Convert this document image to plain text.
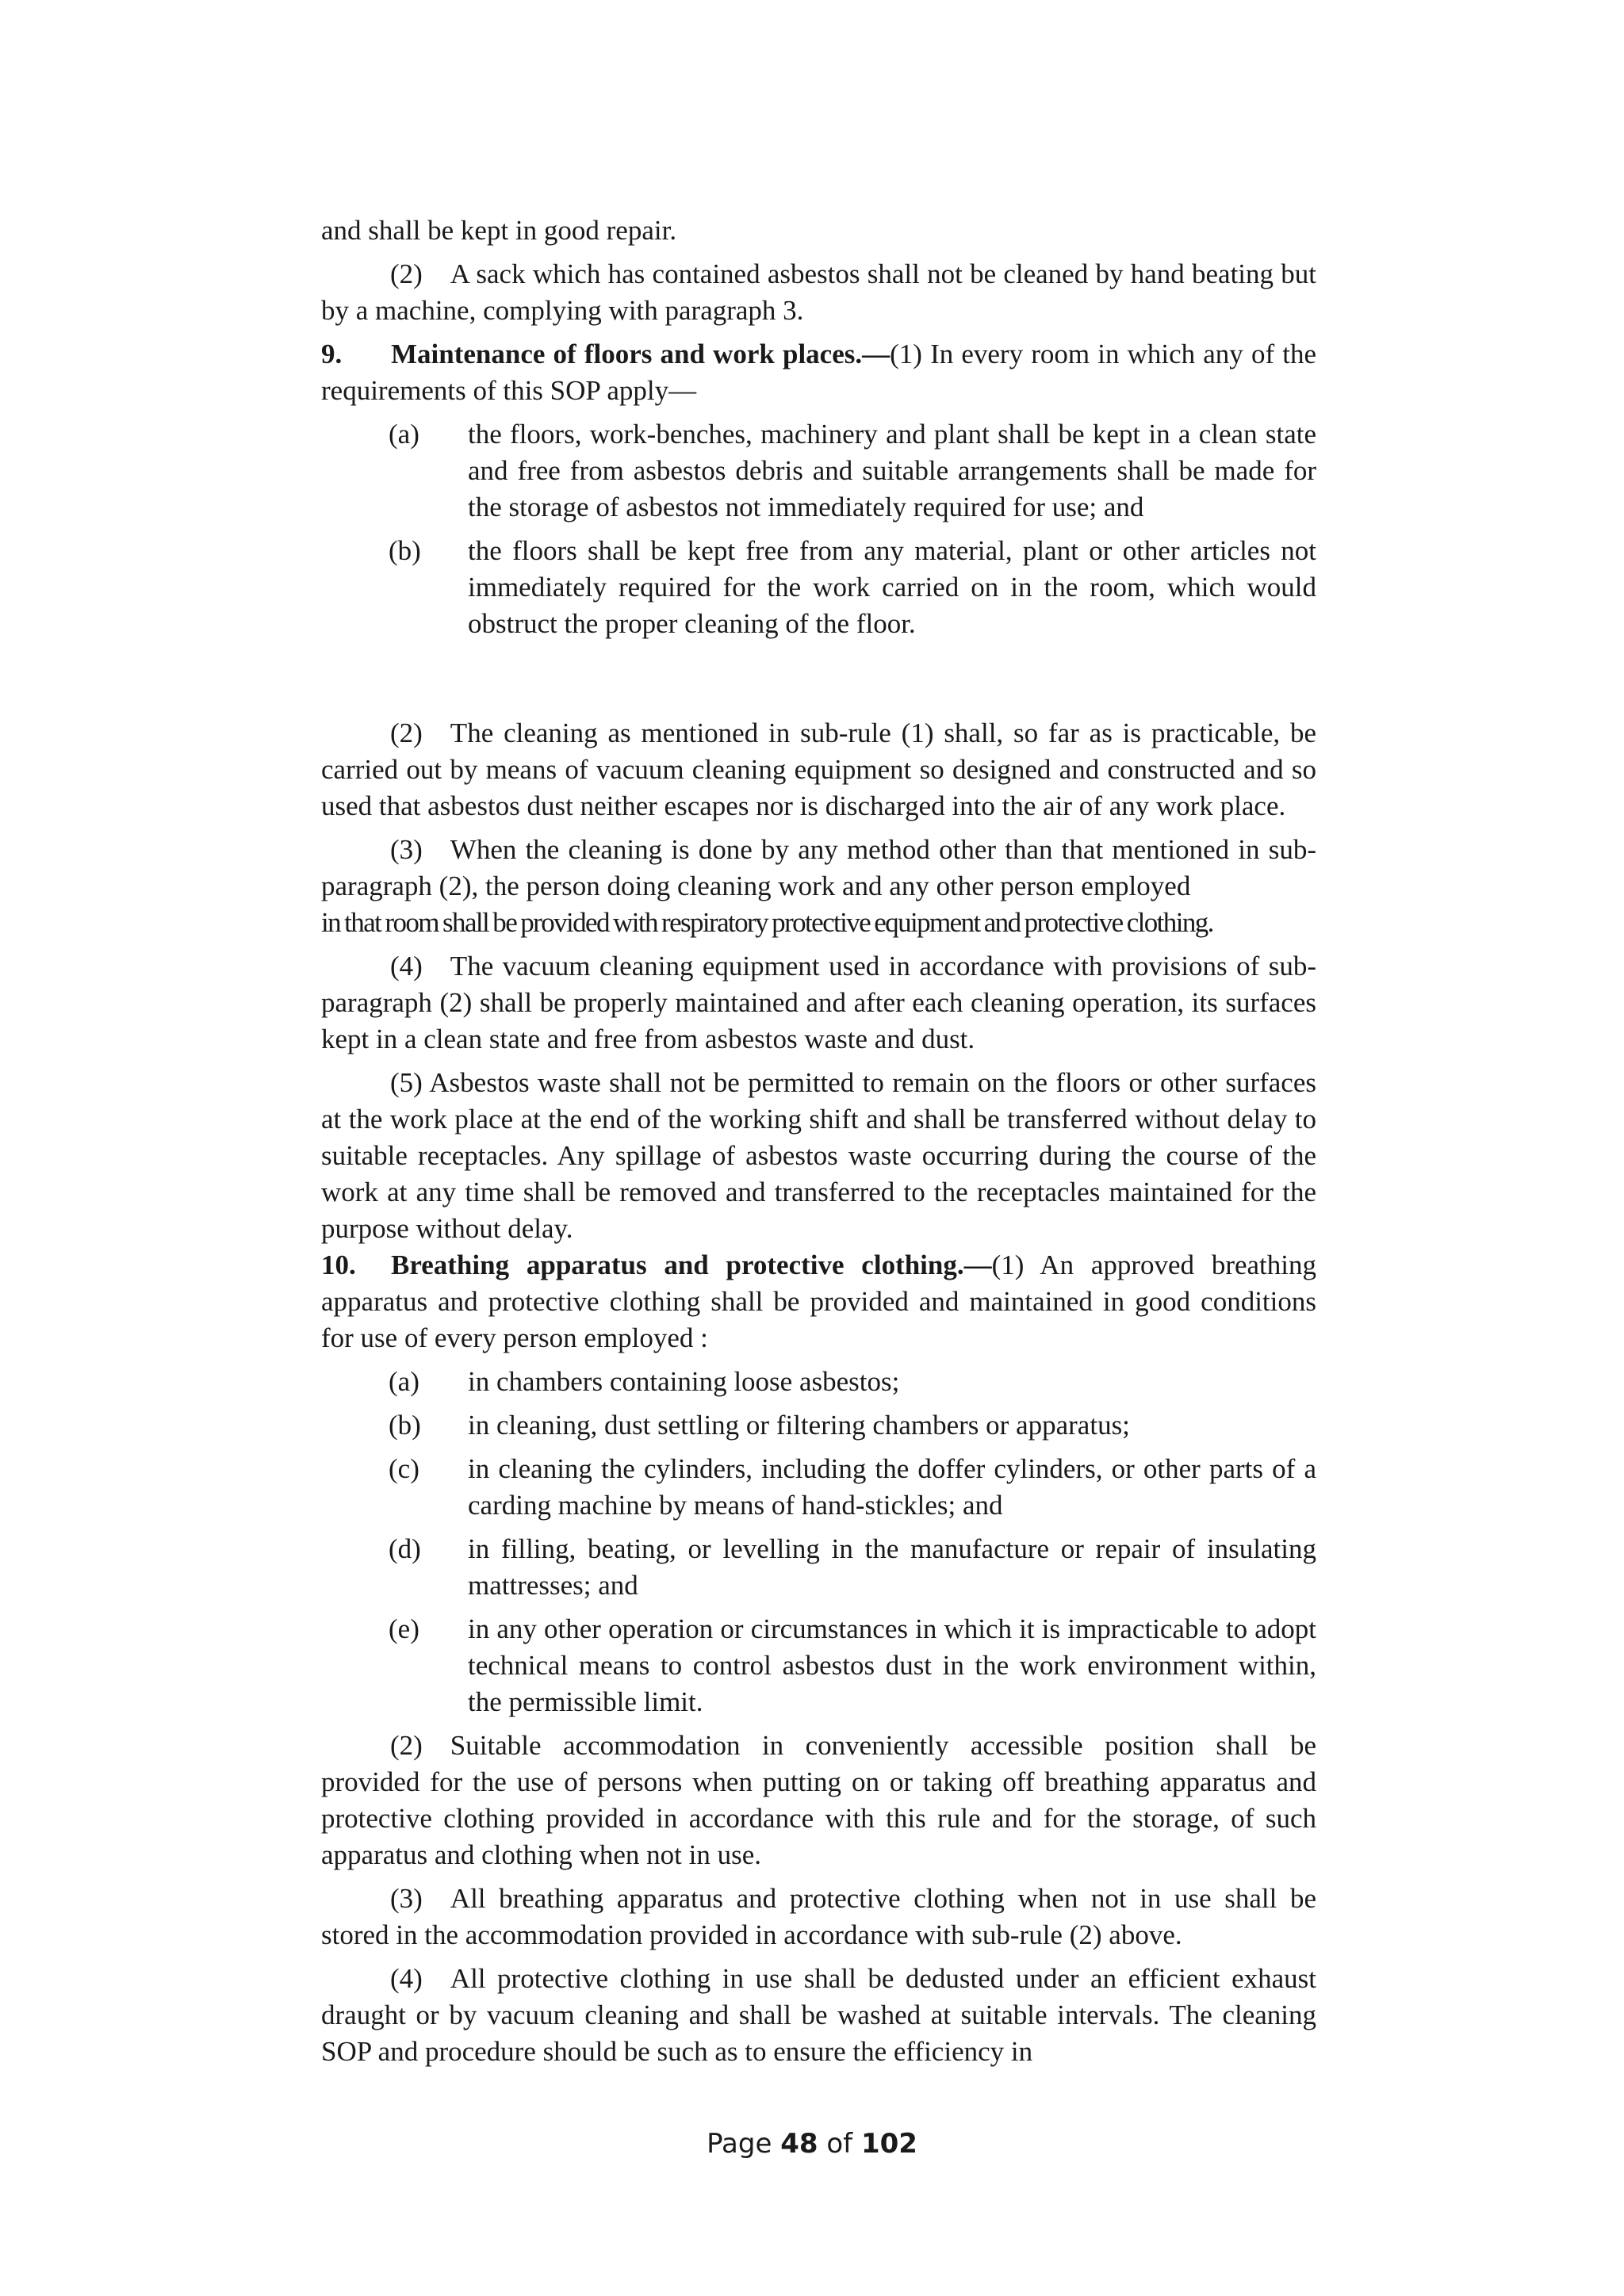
and shall be kept in good repair.

(2) A sack which has contained asbestos shall not be cleaned by hand beating but by a machine, complying with paragraph 3.

9. Maintenance of floors and work places.—(1) In every room in which any of the requirements of this SOP apply—

(a)	the floors, work-benches, machinery and plant shall be kept in a clean state and free from asbestos debris and suitable arrangements shall be made for the storage of asbestos not immediately required for use; and
(b)	the floors shall be kept free from any material, plant or other articles not immediately required for the work carried on in the room, which would obstruct the proper cleaning of the floor.

(2) The cleaning as mentioned in sub-rule (1) shall, so far as is practicable, be carried out by means of vacuum cleaning equipment so designed and constructed and so used that asbestos dust neither escapes nor is discharged into the air of any work place.

(3) When the cleaning is done by any method other than that mentioned in sub-paragraph (2), the person doing cleaning work and any other person employed

in that room shall be provided with respiratory protective equipment and protective clothing.

(4) The vacuum cleaning equipment used in accordance with provisions of sub-paragraph (2) shall be properly maintained and after each cleaning operation, its surfaces kept in a clean state and free from asbestos waste and dust.

(5) Asbestos waste shall not be permitted to remain on the floors or other surfaces at the work place at the end of the working shift and shall be transferred without delay to suitable receptacles. Any spillage of asbestos waste occurring during the course of the work at any time shall be removed and transferred to the receptacles maintained for the purpose without delay.

10. Breathing apparatus and protective clothing.—(1) An approved breathing apparatus and protective clothing shall be provided and maintained in good conditions for use of every person employed :

(a)	in chambers containing loose asbestos;
(b)	in cleaning, dust settling or filtering chambers or apparatus;
(c)	in cleaning the cylinders, including the doffer cylinders, or other parts of a carding machine by means of hand-stickles; and
(d)	in filling, beating, or levelling in the manufacture or repair of insulating mattresses; and
(e)	in any other operation or circumstances in which it is impracticable to adopt technical means to control asbestos dust in the work environment within, the permissible limit.

(2) Suitable accommodation in conveniently accessible position shall be provided for the use of persons when putting on or taking off breathing apparatus and protective clothing provided in accordance with this rule and for the storage, of such apparatus and clothing when not in use.

(3) All breathing apparatus and protective clothing when not in use shall be stored in the accommodation provided in accordance with sub-rule (2) above.

(4) All protective clothing in use shall be dedusted under an efficient exhaust draught or by vacuum cleaning and shall be washed at suitable intervals. The cleaning SOP and procedure should be such as to ensure the efficiency in

Page 48 of 102
